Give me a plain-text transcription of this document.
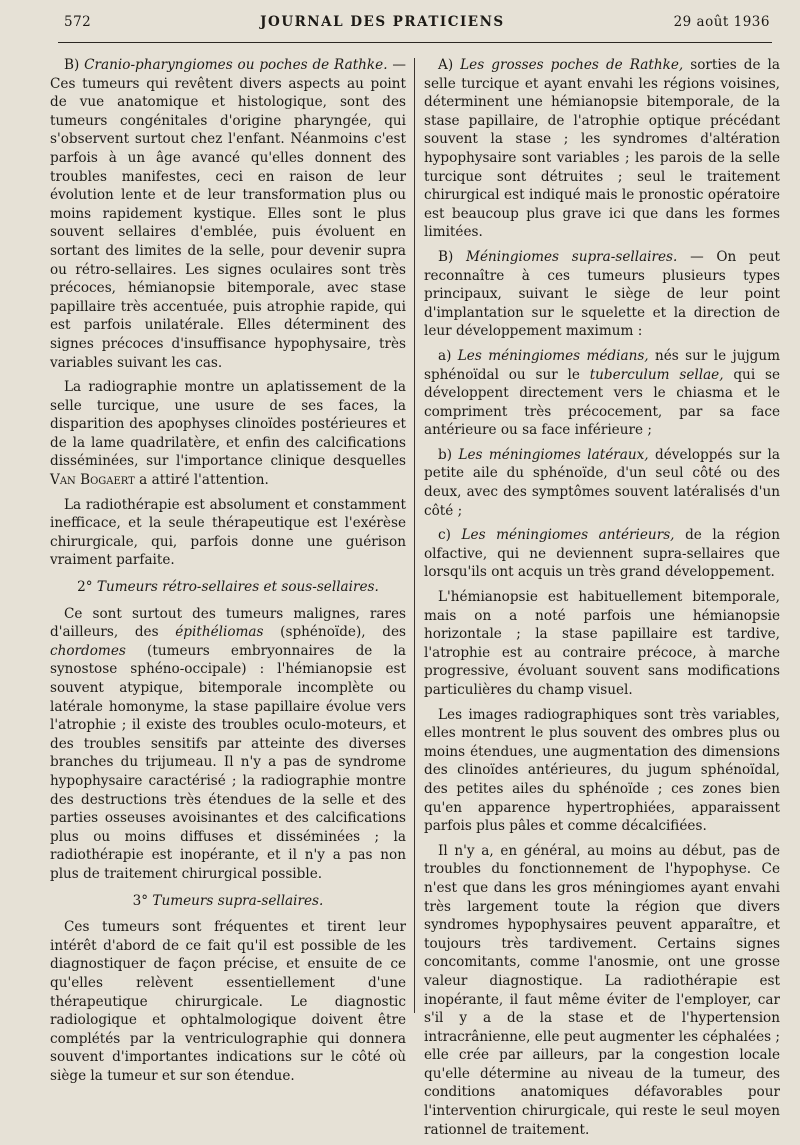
572	JOURNAL DES PRATICIENS	29 août 1936

B) Cranio-pharyngiomes ou poches de Rathke. — Ces tumeurs qui revêtent divers aspects au point de vue anatomique et histologique, sont des tumeurs congénitales d'origine pharyngée, qui s'observent surtout chez l'enfant. Néanmoins c'est parfois à un âge avancé qu'elles donnent des troubles manifestes, ceci en raison de leur évolution lente et de leur transformation plus ou moins rapidement kystique. Elles sont le plus souvent sellaires d'emblée, puis évoluent en sortant des limites de la selle, pour devenir supra ou rétro-sellaires. Les signes oculaires sont très précoces, hémianopsie bitemporale, avec stase papillaire très accentuée, puis atrophie rapide, qui est parfois unilatérale. Elles déterminent des signes précoces d'insuffisance hypophysaire, très variables suivant les cas.

La radiographie montre un aplatissement de la selle turcique, une usure de ses faces, la disparition des apophyses clinoïdes postérieures et de la lame quadrilatère, et enfin des calcifications disséminées, sur l'importance clinique desquelles Van Bogaert a attiré l'attention.

La radiothérapie est absolument et constamment inefficace, et la seule thérapeutique est l'exérèse chirurgicale, qui, parfois donne une guérison vraiment parfaite.

2° Tumeurs rétro-sellaires et sous-sellaires.

Ce sont surtout des tumeurs malignes, rares d'ailleurs, des épithéliomas (sphénoïde), des chordomes (tumeurs embryonnaires de la synostose sphéno-occipale) : l'hémianopsie est souvent atypique, bitemporale incomplète ou latérale homonyme, la stase papillaire évolue vers l'atrophie ; il existe des troubles oculo-moteurs, et des troubles sensitifs par atteinte des diverses branches du trijumeau. Il n'y a pas de syndrome hypophysaire caractérisé ; la radiographie montre des destructions très étendues de la selle et des parties osseuses avoisinantes et des calcifications plus ou moins diffuses et disséminées ; la radiothérapie est inopérante, et il n'y a pas non plus de traitement chirurgical possible.

3° Tumeurs supra-sellaires.

Ces tumeurs sont fréquentes et tirent leur intérêt d'abord de ce fait qu'il est possible de les diagnostiquer de façon précise, et ensuite de ce qu'elles relèvent essentiellement d'une thérapeutique chirurgicale. Le diagnostic radiologique et ophtalmologique doivent être complétés par la ventriculographie qui donnera souvent d'importantes indications sur le côté où siège la tumeur et sur son étendue.

A) Les grosses poches de Rathke, sorties de la selle turcique et ayant envahi les régions voisines, déterminent une hémianopsie bitemporale, de la stase papillaire, de l'atrophie optique précédant souvent la stase ; les syndromes d'altération hypophysaire sont variables ; les parois de la selle turcique sont détruites ; seul le traitement chirurgical est indiqué mais le pronostic opératoire est beaucoup plus grave ici que dans les formes limitées.

B) Méningiomes supra-sellaires. — On peut reconnaître à ces tumeurs plusieurs types principaux, suivant le siège de leur point d'implantation sur le squelette et la direction de leur développement maximum :

a) Les méningiomes médians, nés sur le jujgum sphénoïdal ou sur le tuberculum sellae, qui se développent directement vers le chiasma et le compriment très précocement, par sa face antérieure ou sa face inférieure ;

b) Les méningiomes latéraux, développés sur la petite aile du sphénoïde, d'un seul côté ou des deux, avec des symptômes souvent latéralisés d'un côté ;

c) Les méningiomes antérieurs, de la région olfactive, qui ne deviennent supra-sellaires que lorsqu'ils ont acquis un très grand développement.

L'hémianopsie est habituellement bitemporale, mais on a noté parfois une hémianopsie horizontale ; la stase papillaire est tardive, l'atrophie est au contraire précoce, à marche progressive, évoluant souvent sans modifications particulières du champ visuel.

Les images radiographiques sont très variables, elles montrent le plus souvent des ombres plus ou moins étendues, une augmentation des dimensions des clinoïdes antérieures, du jugum sphénoïdal, des petites ailes du sphénoïde ; ces zones bien qu'en apparence hypertrophiées, apparaissent parfois plus pâles et comme décalcifiées.

Il n'y a, en général, au moins au début, pas de troubles du fonctionnement de l'hypophyse. Ce n'est que dans les gros méningiomes ayant envahi très largement toute la région que divers syndromes hypophysaires peuvent apparaître, et toujours très tardivement. Certains signes concomitants, comme l'anosmie, ont une grosse valeur diagnostique. La radiothérapie est inopérante, il faut même éviter de l'employer, car s'il y a de la stase et de l'hypertension intracrânienne, elle peut augmenter les céphalées ; elle crée par ailleurs, par la congestion locale qu'elle détermine au niveau de la tumeur, des conditions anatomiques défavorables pour l'intervention chirurgicale, qui reste le seul moyen rationnel de traitement.
